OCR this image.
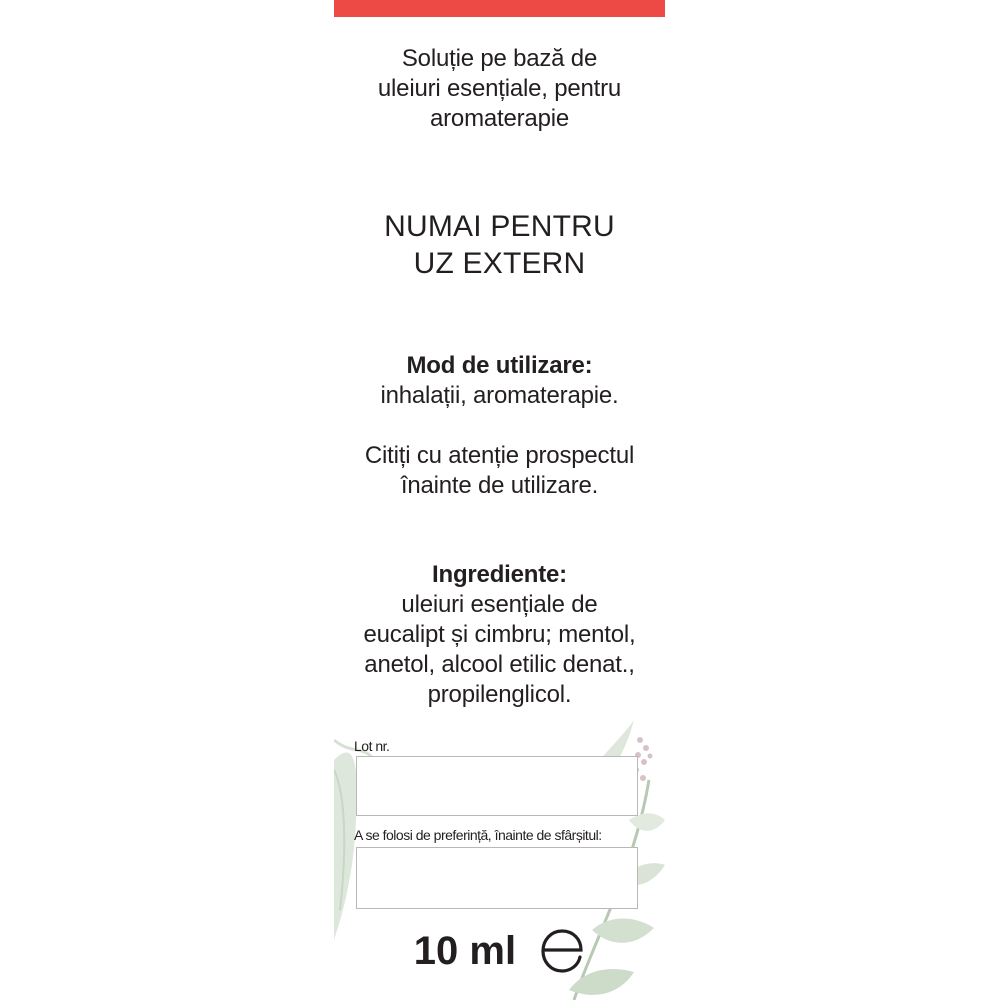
Soluție pe bază de
uleiuri esențiale, pentru
aromaterapie
NUMAI PENTRU
UZ EXTERN
Mod de utilizare:
inhalații, aromaterapie.
Citiți cu atenție prospectul
înainte de utilizare.
Ingrediente:
uleiuri esențiale de
eucalipt și cimbru; mentol,
anetol, alcool etilic denat.,
propilenglicol.
Lot nr.
A se folosi de preferință, înainte de sfârșitul:
10 ml
